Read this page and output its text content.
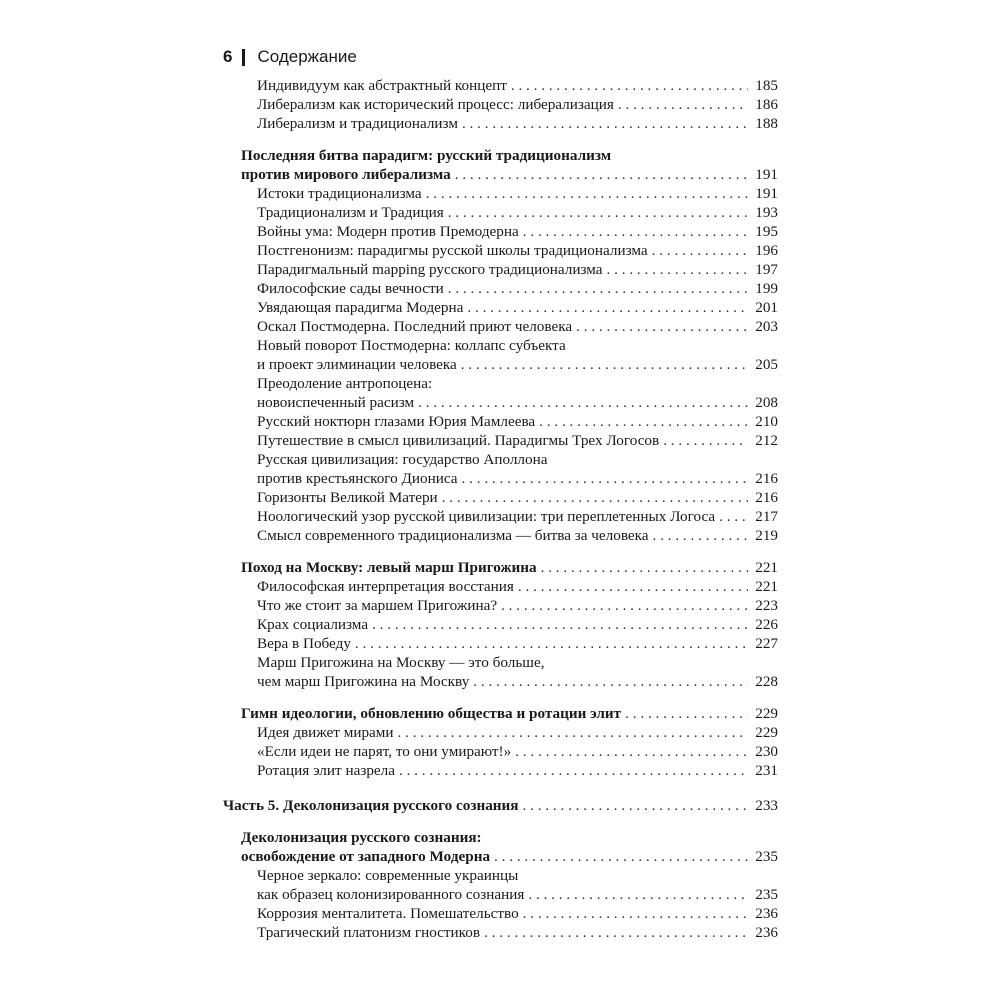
6 Содержание
Индивидуум как абстрактный концепт . . .	185
Либерализм как исторический процесс: либерализация . . .	186
Либерализм и традиционализм . . .	188
Последняя битва парадигм: русский традиционализм
против мирового либерализма . . .	191
Истоки традиционализма . . .	191
Традиционализм и Традиция . . .	193
Войны ума: Модерн против Премодерна . . .	195
Постгенонизм: парадигмы русской школы традиционализма . . .	196
Парадигмальный mapping русского традиционализма . . .	197
Философские сады вечности . . .	199
Увядающая парадигма Модерна . . .	201
Оскал Постмодерна. Последний приют человека . . .	203
Новый поворот Постмодерна: коллапс субъекта
и проект элиминации человека . . .	205
Преодоление антропоцена:
новоиспеченный расизм . . .	208
Русский ноктюрн глазами Юрия Мамлеева . . .	210
Путешествие в смысл цивилизаций. Парадигмы Трех Логосов . . .	212
Русская цивилизация: государство Аполлона
против крестьянского Диониса . . .	216
Горизонты Великой Матери . . .	216
Ноологический узор русской цивилизации: три переплетенных Логоса . . .	217
Смысл современного традиционализма — битва за человека . . .	219
Поход на Москву: левый марш Пригожина . . .	221
Философская интерпретация восстания . . .	221
Что же стоит за маршем Пригожина? . . .	223
Крах социализма . . .	226
Вера в Победу . . .	227
Марш Пригожина на Москву — это больше,
чем марш Пригожина на Москву . . .	228
Гимн идеологии, обновлению общества и ротации элит . . .	229
Идея движет мирами . . .	229
«Если идеи не парят, то они умирают!» . . .	230
Ротация элит назрела . . .	231
Часть 5. Деколонизация русского сознания . . .	233
Деколонизация русского сознания:
освобождение от западного Модерна . . .	235
Черное зеркало: современные украинцы
как образец колонизированного сознания . . .	235
Коррозия менталитета. Помешательство . . .	236
Трагический платонизм гностиков . . .	236
